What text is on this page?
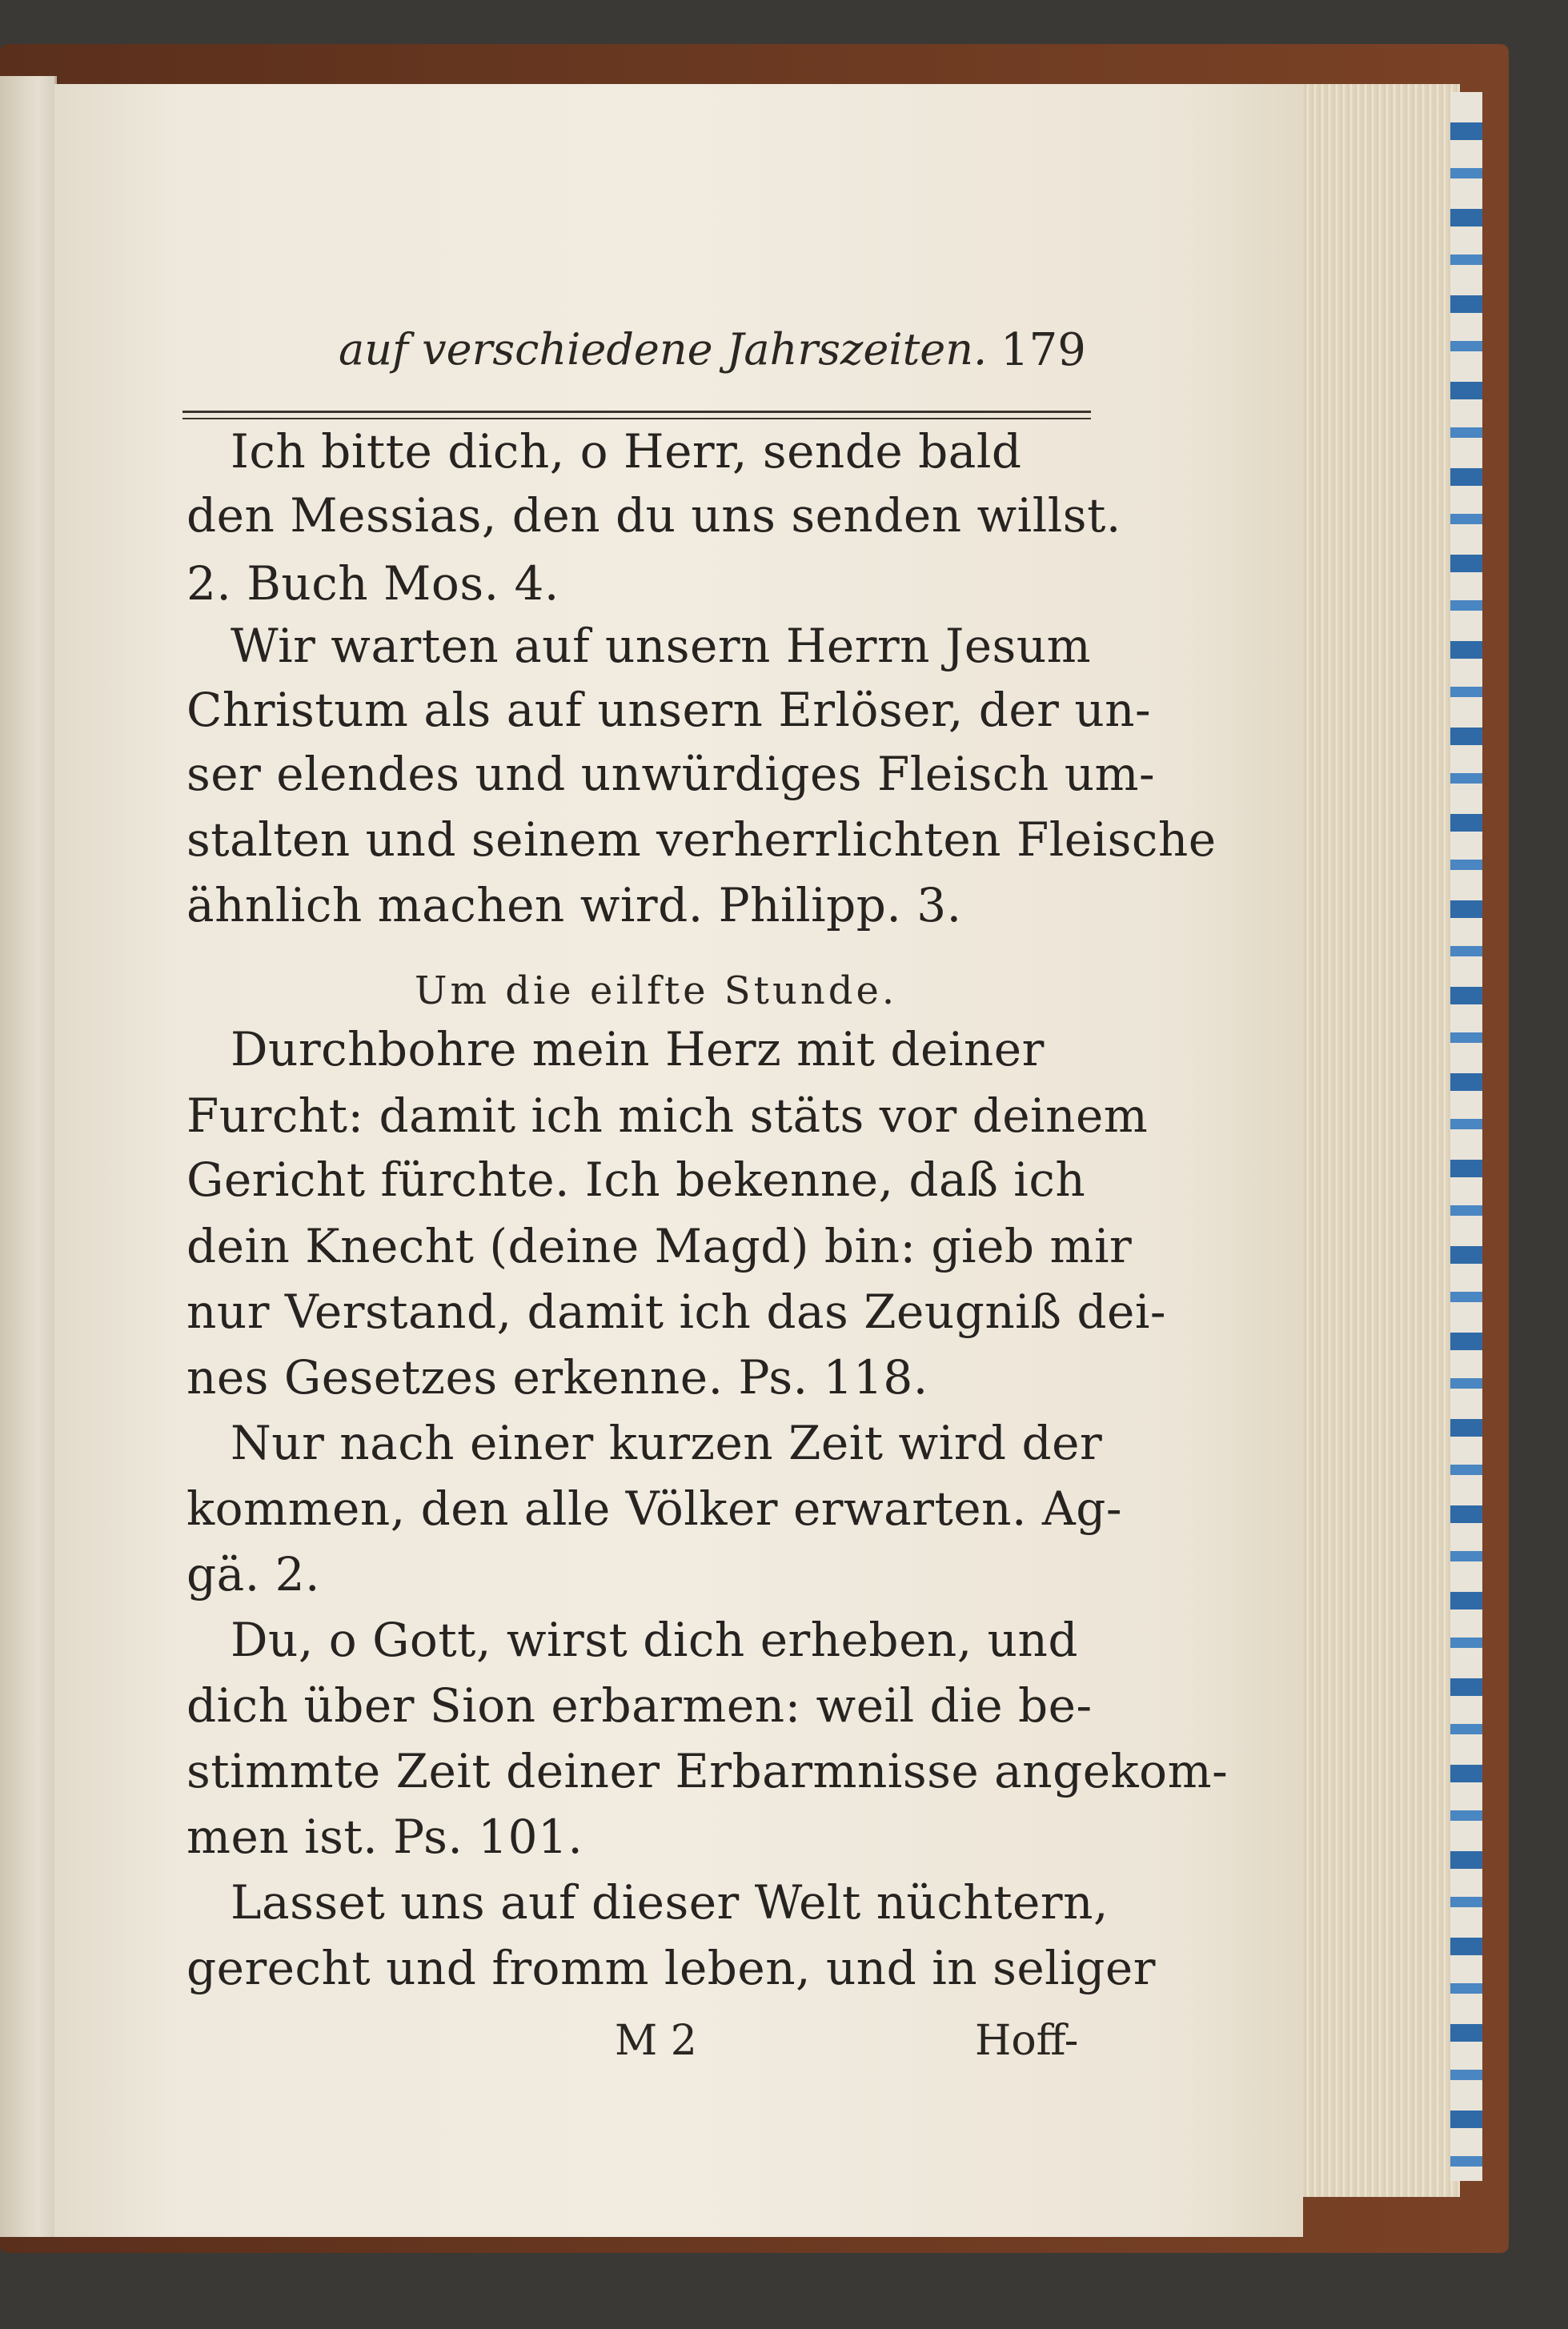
auf verschiedene Jahrszeiten. 179
Ich bitte dich, o Herr, sende bald
den Messias, den du uns senden willst.
2. Buch Mos. 4.
Wir warten auf unsern Herrn Jesum
Christum als auf unsern Erlöser, der un-
ser elendes und unwürdiges Fleisch um-
stalten und seinem verherrlichten Fleische
ähnlich machen wird. Philipp. 3.
Um die eilfte Stunde.
Durchbohre mein Herz mit deiner
Furcht: damit ich mich stäts vor deinem
Gericht fürchte. Ich bekenne, daß ich
dein Knecht (deine Magd) bin: gieb mir
nur Verstand, damit ich das Zeugniß dei-
nes Gesetzes erkenne. Ps. 118.
Nur nach einer kurzen Zeit wird der
kommen, den alle Völker erwarten. Ag-
gä. 2.
Du, o Gott, wirst dich erheben, und
dich über Sion erbarmen: weil die be-
stimmte Zeit deiner Erbarmnisse angekom-
men ist. Ps. 101.
Lasset uns auf dieser Welt nüchtern,
gerecht und fromm leben, und in seliger
M 2	Hoff-
